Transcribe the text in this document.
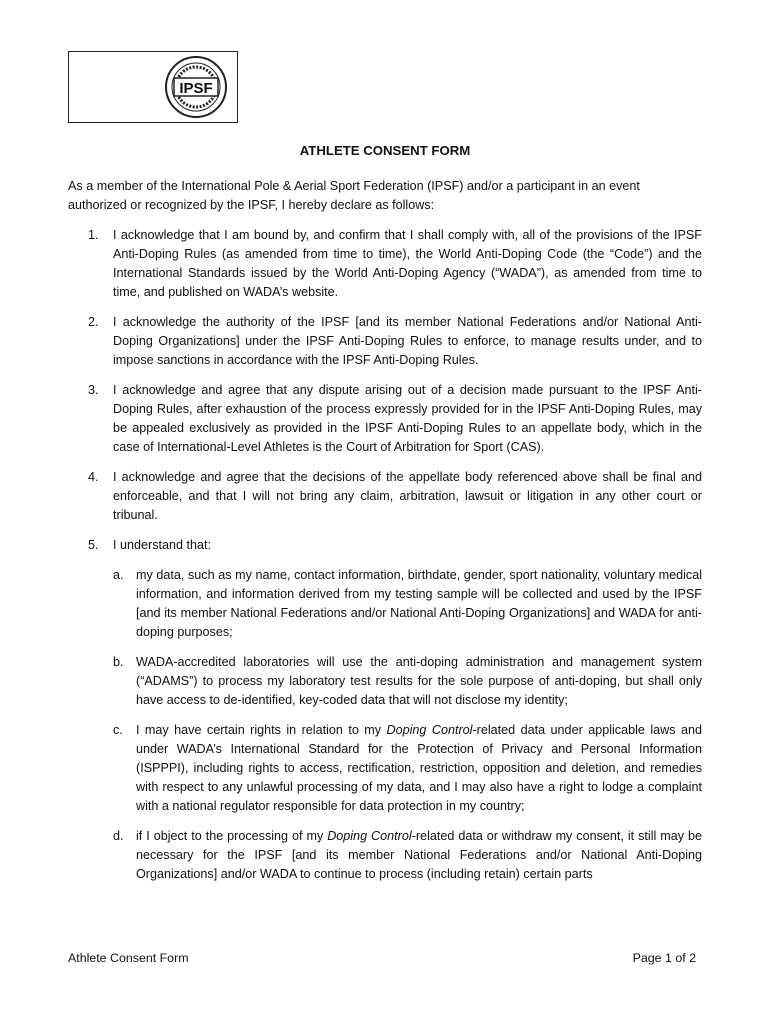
IPSF
ATHLETE CONSENT FORM

As a member of the International Pole & Aerial Sport Federation (IPSF) and/or a participant in an event authorized or recognized by the IPSF, I hereby declare as follows:

1. I acknowledge that I am bound by, and confirm that I shall comply with, all of the provisions of the IPSF Anti-Doping Rules (as amended from time to time), the World Anti-Doping Code (the “Code”) and the International Standards issued by the World Anti-Doping Agency (“WADA”), as amended from time to time, and published on WADA’s website.
2. I acknowledge the authority of the IPSF [and its member National Federations and/or National Anti-Doping Organizations] under the IPSF Anti-Doping Rules to enforce, to manage results under, and to impose sanctions in accordance with the IPSF Anti-Doping Rules.
3. I acknowledge and agree that any dispute arising out of a decision made pursuant to the IPSF Anti-Doping Rules, after exhaustion of the process expressly provided for in the IPSF Anti-Doping Rules, may be appealed exclusively as provided in the IPSF Anti-Doping Rules to an appellate body, which in the case of International-Level Athletes is the Court of Arbitration for Sport (CAS).
4. I acknowledge and agree that the decisions of the appellate body referenced above shall be final and enforceable, and that I will not bring any claim, arbitration, lawsuit or litigation in any other court or tribunal.
5. I understand that:
a. my data, such as my name, contact information, birthdate, gender, sport nationality, voluntary medical information, and information derived from my testing sample will be collected and used by the IPSF [and its member National Federations and/or National Anti-Doping Organizations] and WADA for anti-doping purposes;
b. WADA-accredited laboratories will use the anti-doping administration and management system (“ADAMS”) to process my laboratory test results for the sole purpose of anti-doping, but shall only have access to de-identified, key-coded data that will not disclose my identity;
c. I may have certain rights in relation to my Doping Control-related data under applicable laws and under WADA’s International Standard for the Protection of Privacy and Personal Information (ISPPPI), including rights to access, rectification, restriction, opposition and deletion, and remedies with respect to any unlawful processing of my data, and I may also have a right to lodge a complaint with a national regulator responsible for data protection in my country;
d. if I object to the processing of my Doping Control-related data or withdraw my consent, it still may be necessary for the IPSF [and its member National Federations and/or National Anti-Doping Organizations] and/or WADA to continue to process (including retain) certain parts
Athlete Consent Form	Page 1 of 2
